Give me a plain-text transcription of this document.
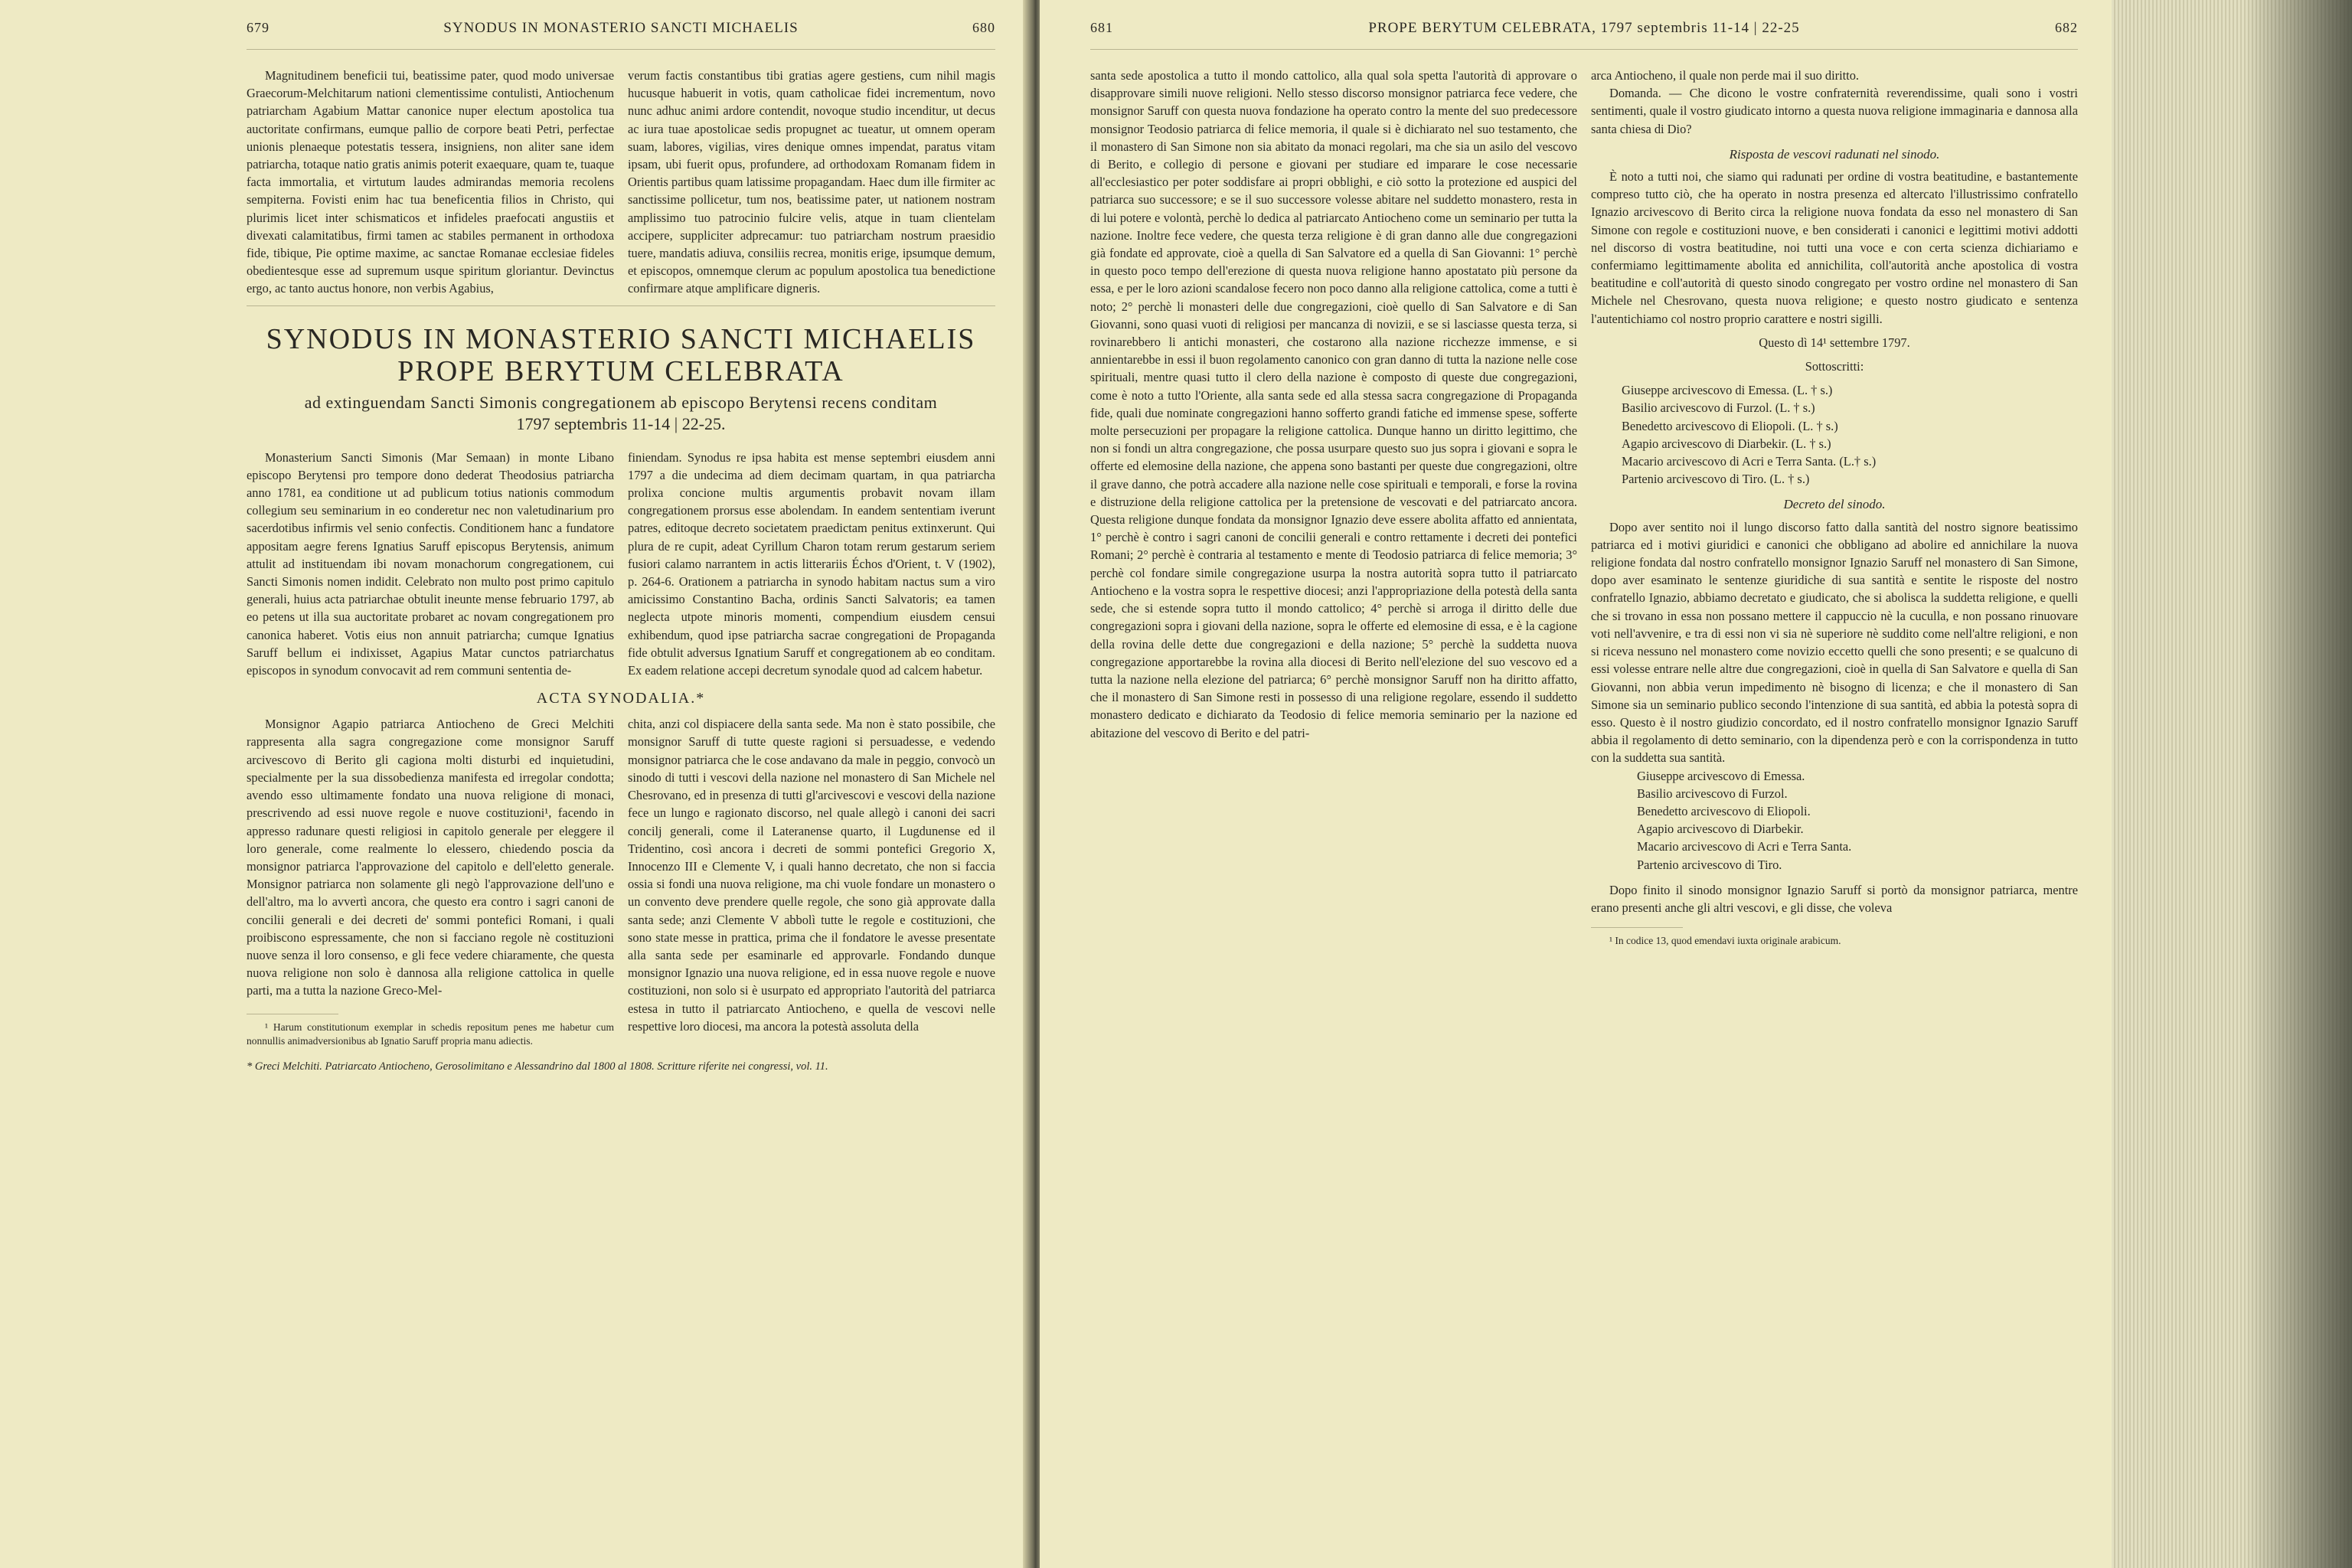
679	SYNODUS IN MONASTERIO SANCTI MICHAELIS	680

Magnitudinem beneficii tui, beatissime pater, quod modo universae Graecorum-Melchitarum nationi clementissime contulisti, Antiochenum patriarcham Agabium Mattar canonice nuper electum apostolica tua auctoritate confirmans, eumque pallio de corpore beati Petri, perfectae unionis plenaeque potestatis tessera, insigniens, non aliter sane idem patriarcha, totaque natio gratis animis poterit exaequare, quam te, tuaque facta immortalia, et virtutum laudes admirandas memoria recolens sempiterna. Fovisti enim hac tua beneficentia filios in Christo, qui plurimis licet inter schismaticos et infideles praefocati angustiis et divexati calamitatibus, firmi tamen ac stabiles permanent in orthodoxa fide, tibique, Pie optime maxime, ac sanctae Romanae ecclesiae fideles obedientesque esse ad supremum usque spiritum gloriantur. Devinctus ergo, ac tanto auctus honore, non verbis Agabius,

verum factis constantibus tibi gratias agere gestiens, cum nihil magis hucusque habuerit in votis, quam catholicae fidei incrementum, novo nunc adhuc animi ardore contendit, novoque studio incenditur, ut decus ac iura tuae apostolicae sedis propugnet ac tueatur, ut omnem operam suam, labores, vigilias, vires denique omnes impendat, paratus vitam ipsam, ubi fuerit opus, profundere, ad orthodoxam Romanam fidem in Orientis partibus quam latissime propagandam. Haec dum ille firmiter ac sanctissime pollicetur, tum nos, beatissime pater, ut nationem nostram amplissimo tuo patrocinio fulcire velis, atque in tuam clientelam accipere, suppliciter adprecamur: tuo patriarcham nostrum praesidio tuere, mandatis adiuva, consiliis recrea, monitis erige, ipsumque demum, et episcopos, omnemque clerum ac populum apostolica tua benedictione confirmare atque amplificare digneris.

SYNODUS IN MONASTERIO SANCTI MICHAELIS
PROPE BERYTUM CELEBRATA
ad extinguendam Sancti Simonis congregationem ab episcopo Berytensi recens conditam
1797 septembris 11-14 | 22-25.

Monasterium Sancti Simonis (Mar Semaan) in monte Libano episcopo Berytensi pro tempore dono dederat Theodosius patriarcha anno 1781, ea conditione ut ad publicum totius nationis commodum collegium seu seminarium in eo conderetur nec non valetudinarium pro sacerdotibus infirmis vel senio confectis. Conditionem hanc a fundatore appositam aegre ferens Ignatius Saruff episcopus Berytensis, animum attulit ad instituendam ibi novam monachorum congregationem, cui Sancti Simonis nomen indidit. Celebrato non multo post primo capitulo generali, huius acta patriarchae obtulit ineunte mense februario 1797, ab eo petens ut illa sua auctoritate probaret ac novam congregationem pro canonica haberet. Votis eius non annuit patriarcha; cumque Ignatius Saruff bellum ei indixisset, Agapius Matar cunctos patriarchatus episcopos in synodum convocavit ad rem communi sententia de-

finiendam. Synodus re ipsa habita est mense septembri eiusdem anni 1797 a die undecima ad diem decimam quartam, in qua patriarcha prolixa concione multis argumentis probavit novam illam congregationem prorsus esse abolendam. In eandem sententiam iverunt patres, editoque decreto societatem praedictam penitus extinxerunt. Qui plura de re cupit, adeat Cyrillum Charon totam rerum gestarum seriem fusiori calamo narrantem in actis litterariis Échos d'Orient, t. V (1902), p. 264-6. Orationem a patriarcha in synodo habitam nactus sum a viro amicissimo Constantino Bacha, ordinis Sancti Salvatoris; ea tamen neglecta utpote minoris momenti, compendium eiusdem censui exhibendum, quod ipse patriarcha sacrae congregationi de Propaganda fide obtulit adversus Ignatium Saruff et congregationem ab eo conditam. Ex eadem relatione accepi decretum synodale quod ad calcem habetur.

ACTA SYNODALIA.*

Monsignor Agapio patriarca Antiocheno de Greci Melchiti rappresenta alla sagra congregazione come monsignor Saruff arcivescovo di Berito gli cagiona molti disturbi ed inquietudini, specialmente per la sua dissobedienza manifesta ed irregolar condotta; avendo esso ultimamente fondato una nuova religione di monaci, prescrivendo ad essi nuove regole e nuove costituzioni¹, facendo in appresso radunare questi religiosi in capitolo generale per eleggere il loro generale, come realmente lo elessero, chiedendo poscia da monsignor patriarca l'approvazione del capitolo e dell'eletto generale. Monsignor patriarca non solamente gli negò l'approvazione dell'uno e dell'altro, ma lo avvertì ancora, che questo era contro i sagri canoni de concilii generali e dei decreti de' sommi pontefici Romani, i quali proibiscono espressamente, che non si facciano regole nè costituzioni nuove senza il loro consenso, e gli fece vedere chiaramente, che questa nuova religione non solo è dannosa alla religione cattolica in quelle parti, ma a tutta la nazione Greco-Mel-

¹ Harum constitutionum exemplar in schedis repositum penes me habetur cum nonnullis animadversionibus ab Ignatio Saruff propria manu adiectis.

chita, anzi col dispiacere della santa sede. Ma non è stato possibile, che monsignor Saruff di tutte queste ragioni si persuadesse, e vedendo monsignor patriarca che le cose andavano da male in peggio, convocò un sinodo di tutti i vescovi della nazione nel monastero di San Michele nel Chesrovano, ed in presenza di tutti gl'arcivescovi e vescovi della nazione fece un lungo e ragionato discorso, nel quale allegò i canoni dei sacri concilj generali, come il Lateranense quarto, il Lugdunense ed il Tridentino, così ancora i decreti de sommi pontefici Gregorio X, Innocenzo III e Clemente V, i quali hanno decretato, che non si faccia ossia si fondi una nuova religione, ma chi vuole fondare un monastero o un convento deve prendere quelle regole, che sono già approvate dalla santa sede; anzi Clemente V abbolì tutte le regole e costituzioni, che sono state messe in prattica, prima che il fondatore le avesse presentate alla santa sede per esaminarle ed approvarle. Fondando dunque monsignor Ignazio una nuova religione, ed in essa nuove regole e nuove costituzioni, non solo si è usurpato ed appropriato l'autorità del patriarca estesa in tutto il patriarcato Antiocheno, e quella de vescovi nelle respettive loro diocesi, ma ancora la potestà assoluta della

* Greci Melchiti. Patriarcato Antiocheno, Gerosolimitano e Alessandrino dal 1800 al 1808. Scritture riferite nei congressi, vol. 11.
681	PROPE BERYTUM CELEBRATA, 1797 septembris 11-14 | 22-25	682

santa sede apostolica a tutto il mondo cattolico, alla qual sola spetta l'autorità di approvare o disapprovare simili nuove religioni. Nello stesso discorso monsignor patriarca fece vedere, che monsignor Saruff con questa nuova fondazione ha operato contro la mente del suo predecessore monsignor Teodosio patriarca di felice memoria, il quale si è dichiarato nel suo testamento, che il monastero di San Simone non sia abitato da monaci regolari, ma che sia un asilo del vescovo di Berito, e collegio di persone e giovani per studiare ed imparare le cose necessarie all'ecclesiastico per poter soddisfare ai propri obblighi, e ciò sotto la protezione ed auspici del patriarca suo successore; e se il suo successore volesse abitare nel suddetto monastero, resta in di lui potere e volontà, perchè lo dedica al patriarcato Antiocheno come un seminario per tutta la nazione. Inoltre fece vedere, che questa terza religione è di gran danno alle due congregazioni già fondate ed approvate, cioè a quella di San Salvatore ed a quella di San Giovanni: 1° perchè in questo poco tempo dell'erezione di questa nuova religione hanno apostatato più persone da essa, e per le loro azioni scandalose fecero non poco danno alla religione cattolica, come a tutti è noto; 2° perchè li monasteri delle due congregazioni, cioè quello di San Salvatore e di San Giovanni, sono quasi vuoti di religiosi per mancanza di novizii, e se si lasciasse questa terza, si rovinarebbero li antichi monasteri, che costarono alla nazione ricchezze immense, e si annientarebbe in essi il buon regolamento canonico con gran danno di tutta la nazione nelle cose spirituali, mentre quasi tutto il clero della nazione è composto di queste due congregazioni, come è noto a tutto l'Oriente, alla santa sede ed alla stessa sacra congregazione di Propaganda fide, quali due nominate congregazioni hanno sofferto grandi fatiche ed immense spese, sofferte molte persecuzioni per propagare la religione cattolica. Dunque hanno un diritto legittimo, che non si fondi un altra congregazione, che possa usurpare questo suo jus sopra i giovani e sopra le offerte ed elemosine della nazione, che appena sono bastanti per queste due congregazioni, oltre il grave danno, che potrà accadere alla nazione nelle cose spirituali e temporali, e forse la rovina e distruzione della religione cattolica per la pretensione de vescovati e del patriarcato ancora. Questa religione dunque fondata da monsignor Ignazio deve essere abolita affatto ed annientata, 1° perchè è contro i sagri canoni de concilii generali e contro rettamente i decreti dei pontefici Romani; 2° perchè è contraria al testamento e mente di Teodosio patriarca di felice memoria; 3° perchè col fondare simile congregazione usurpa la nostra autorità sopra tutto il patriarcato Antiocheno e la vostra sopra le respettive diocesi; anzi l'appropriazione della potestà della santa sede, che si estende sopra tutto il mondo cattolico; 4° perchè si arroga il diritto delle due congregazioni sopra i giovani della nazione, sopra le offerte ed elemosine di essa, e è la cagione della rovina delle dette due congregazioni e della nazione; 5° perchè la suddetta nuova congregazione apportarebbe la rovina alla diocesi di Berito nell'elezione del suo vescovo ed a tutta la nazione nella elezione del patriarca; 6° perchè monsignor Saruff non ha diritto affatto, che il monastero di San Simone resti in possesso di una religione regolare, essendo il suddetto monastero dedicato e dichiarato da Teodosio di felice memoria seminario per la nazione ed abitazione del vescovo di Berito e del patri-

arca Antiocheno, il quale non perde mai il suo diritto.

Domanda. — Che dicono le vostre confraternità reverendissime, quali sono i vostri sentimenti, quale il vostro giudicato intorno a questa nuova religione immaginaria e dannosa alla santa chiesa di Dio?

Risposta de vescovi radunati nel sinodo.

È noto a tutti noi, che siamo qui radunati per ordine di vostra beatitudine, e bastantemente compreso tutto ciò, che ha operato in nostra presenza ed altercato l'illustrissimo confratello Ignazio arcivescovo di Berito circa la religione nuova fondata da esso nel monastero di San Simone con regole e costituzioni nuove, e ben considerati i canonici e legittimi motivi addotti nel discorso di vostra beatitudine, noi tutti una voce e con certa scienza dichiariamo e confermiamo legittimamente abolita ed annichilita, coll'autorità anche apostolica di vostra beatitudine e coll'autorità di questo sinodo congregato per vostro ordine nel monastero di San Michele nel Chesrovano, questa nuova religione; e questo nostro giudicato e sentenza l'autentichiamo col nostro proprio carattere e nostri sigilli.

Questo dì 14¹ settembre 1797.
Sottoscritti:
Giuseppe arcivescovo di Emessa. (L. † s.)
Basilio arcivescovo di Furzol. (L. † s.)
Benedetto arcivescovo di Eliopoli. (L. † s.)
Agapio arcivescovo di Diarbekir. (L. † s.)
Macario arcivescovo di Acri e Terra Santa. (L.† s.)
Partenio arcivescovo di Tiro. (L. † s.)
Decreto del sinodo.

Dopo aver sentito noi il lungo discorso fatto dalla santità del nostro signore beatissimo patriarca ed i motivi giuridici e canonici che obbligano ad abolire ed annichilare la nuova religione fondata dal nostro confratello monsignor Ignazio Saruff nel monastero di San Simone, dopo aver esaminato le sentenze giuridiche di sua santità e sentite le risposte del nostro confratello Ignazio, abbiamo decretato e giudicato, che si abolisca la suddetta religione, e quelli che si trovano in essa non possano mettere il cappuccio nè la cuculla, e non possano rinuovare voti nell'avvenire, e tra di essi non vi sia nè superiore nè suddito come nell'altre religioni, e non si riceva nessuno nel monastero come novizio eccetto quelli che sono presenti; e se qualcuno di essi volesse entrare nelle altre due congregazioni, cioè in quella di San Salvatore e quella di San Giovanni, non abbia verun impedimento nè bisogno di licenza; e che il monastero di San Simone sia un seminario publico secondo l'intenzione di sua santità, ed abbia la potestà sopra di esso. Questo è il nostro giudizio concordato, ed il nostro confratello monsignor Ignazio Saruff abbia il regolamento di detto seminario, con la dipendenza però e con la corrispondenza in tutto con la suddetta sua santità.

Giuseppe arcivescovo di Emessa.
Basilio arcivescovo di Furzol.
Benedetto arcivescovo di Eliopoli.
Agapio arcivescovo di Diarbekir.
Macario arcivescovo di Acri e Terra Santa.
Partenio arcivescovo di Tiro.

Dopo finito il sinodo monsignor Ignazio Saruff si portò da monsignor patriarca, mentre erano presenti anche gli altri vescovi, e gli disse, che voleva

¹ In codice 13, quod emendavi iuxta originale arabicum.
